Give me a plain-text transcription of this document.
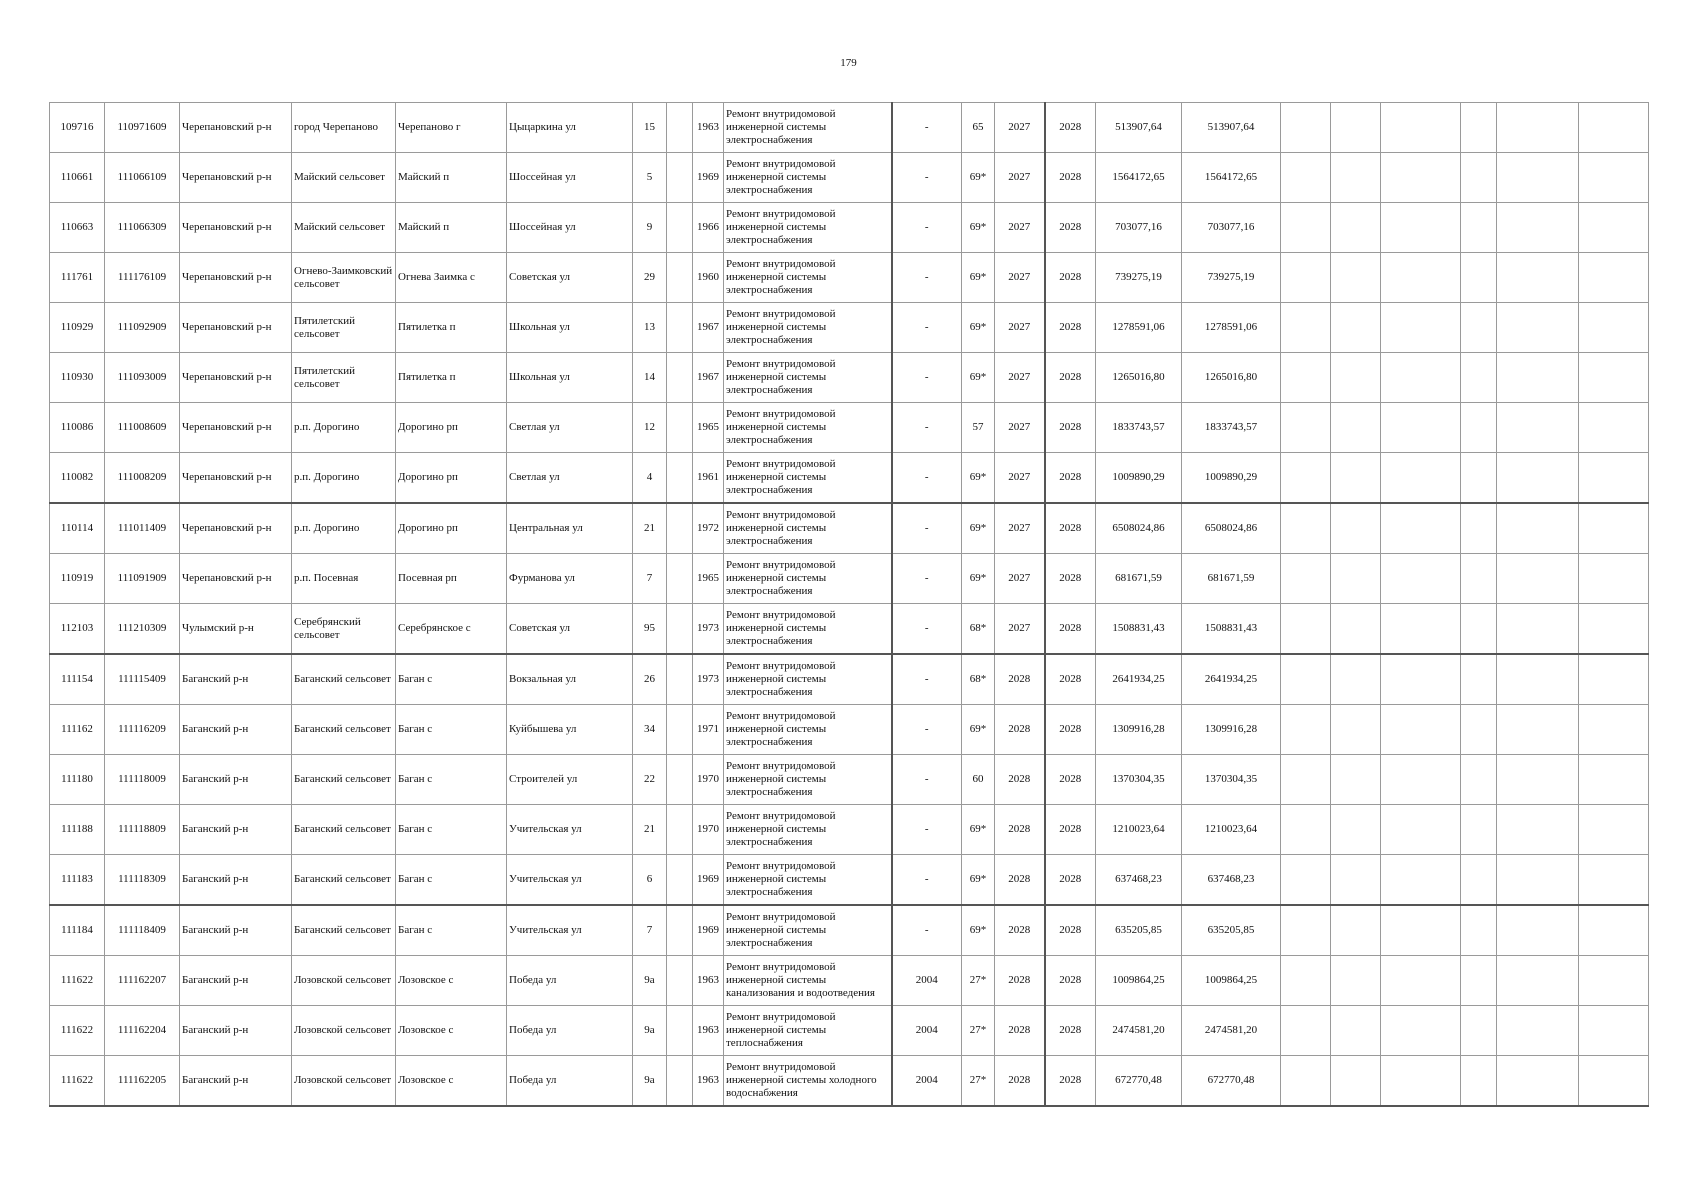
179
109716	110971609	Черепановский р-н	город Черепаново	Черепаново г	Цыцаркина ул	15		1963	Ремонт внутридомовой инженерной системы электроснабжения	-	65	2027	2028	513907,64	513907,64						
110661	111066109	Черепановский р-н	Майский сельсовет	Майский п	Шоссейная ул	5		1969	Ремонт внутридомовой инженерной системы электроснабжения	-	69*	2027	2028	1564172,65	1564172,65						
110663	111066309	Черепановский р-н	Майский сельсовет	Майский п	Шоссейная ул	9		1966	Ремонт внутридомовой инженерной системы электроснабжения	-	69*	2027	2028	703077,16	703077,16						
111761	111176109	Черепановский р-н	Огнево-Заимковский сельсовет	Огнева Заимка с	Советская ул	29		1960	Ремонт внутридомовой инженерной системы электроснабжения	-	69*	2027	2028	739275,19	739275,19						
110929	111092909	Черепановский р-н	Пятилетский сельсовет	Пятилетка п	Школьная ул	13		1967	Ремонт внутридомовой инженерной системы электроснабжения	-	69*	2027	2028	1278591,06	1278591,06						
110930	111093009	Черепановский р-н	Пятилетский сельсовет	Пятилетка п	Школьная ул	14		1967	Ремонт внутридомовой инженерной системы электроснабжения	-	69*	2027	2028	1265016,80	1265016,80						
110086	111008609	Черепановский р-н	р.п. Дорогино	Дорогино рп	Светлая ул	12		1965	Ремонт внутридомовой инженерной системы электроснабжения	-	57	2027	2028	1833743,57	1833743,57						
110082	111008209	Черепановский р-н	р.п. Дорогино	Дорогино рп	Светлая ул	4		1961	Ремонт внутридомовой инженерной системы электроснабжения	-	69*	2027	2028	1009890,29	1009890,29						
110114	111011409	Черепановский р-н	р.п. Дорогино	Дорогино рп	Центральная ул	21		1972	Ремонт внутридомовой инженерной системы электроснабжения	-	69*	2027	2028	6508024,86	6508024,86						
110919	111091909	Черепановский р-н	р.п. Посевная	Посевная рп	Фурманова ул	7		1965	Ремонт внутридомовой инженерной системы электроснабжения	-	69*	2027	2028	681671,59	681671,59						
112103	111210309	Чулымский р-н	Серебрянский сельсовет	Серебрянское с	Советская ул	95		1973	Ремонт внутридомовой инженерной системы электроснабжения	-	68*	2027	2028	1508831,43	1508831,43						
111154	111115409	Баганский р-н	Баганский сельсовет	Баган с	Вокзальная ул	26		1973	Ремонт внутридомовой инженерной системы электроснабжения	-	68*	2028	2028	2641934,25	2641934,25						
111162	111116209	Баганский р-н	Баганский сельсовет	Баган с	Куйбышева ул	34		1971	Ремонт внутридомовой инженерной системы электроснабжения	-	69*	2028	2028	1309916,28	1309916,28						
111180	111118009	Баганский р-н	Баганский сельсовет	Баган с	Строителей ул	22		1970	Ремонт внутридомовой инженерной системы электроснабжения	-	60	2028	2028	1370304,35	1370304,35						
111188	111118809	Баганский р-н	Баганский сельсовет	Баган с	Учительская ул	21		1970	Ремонт внутридомовой инженерной системы электроснабжения	-	69*	2028	2028	1210023,64	1210023,64						
111183	111118309	Баганский р-н	Баганский сельсовет	Баган с	Учительская ул	6		1969	Ремонт внутридомовой инженерной системы электроснабжения	-	69*	2028	2028	637468,23	637468,23						
111184	111118409	Баганский р-н	Баганский сельсовет	Баган с	Учительская ул	7		1969	Ремонт внутридомовой инженерной системы электроснабжения	-	69*	2028	2028	635205,85	635205,85						
111622	111162207	Баганский р-н	Лозовской сельсовет	Лозовское с	Победа ул	9а		1963	Ремонт внутридомовой инженерной системы канализования и водоотведения	2004	27*	2028	2028	1009864,25	1009864,25						
111622	111162204	Баганский р-н	Лозовской сельсовет	Лозовское с	Победа ул	9а		1963	Ремонт внутридомовой инженерной системы теплоснабжения	2004	27*	2028	2028	2474581,20	2474581,20						
111622	111162205	Баганский р-н	Лозовской сельсовет	Лозовское с	Победа ул	9а		1963	Ремонт внутридомовой инженерной системы холодного водоснабжения	2004	27*	2028	2028	672770,48	672770,48						
